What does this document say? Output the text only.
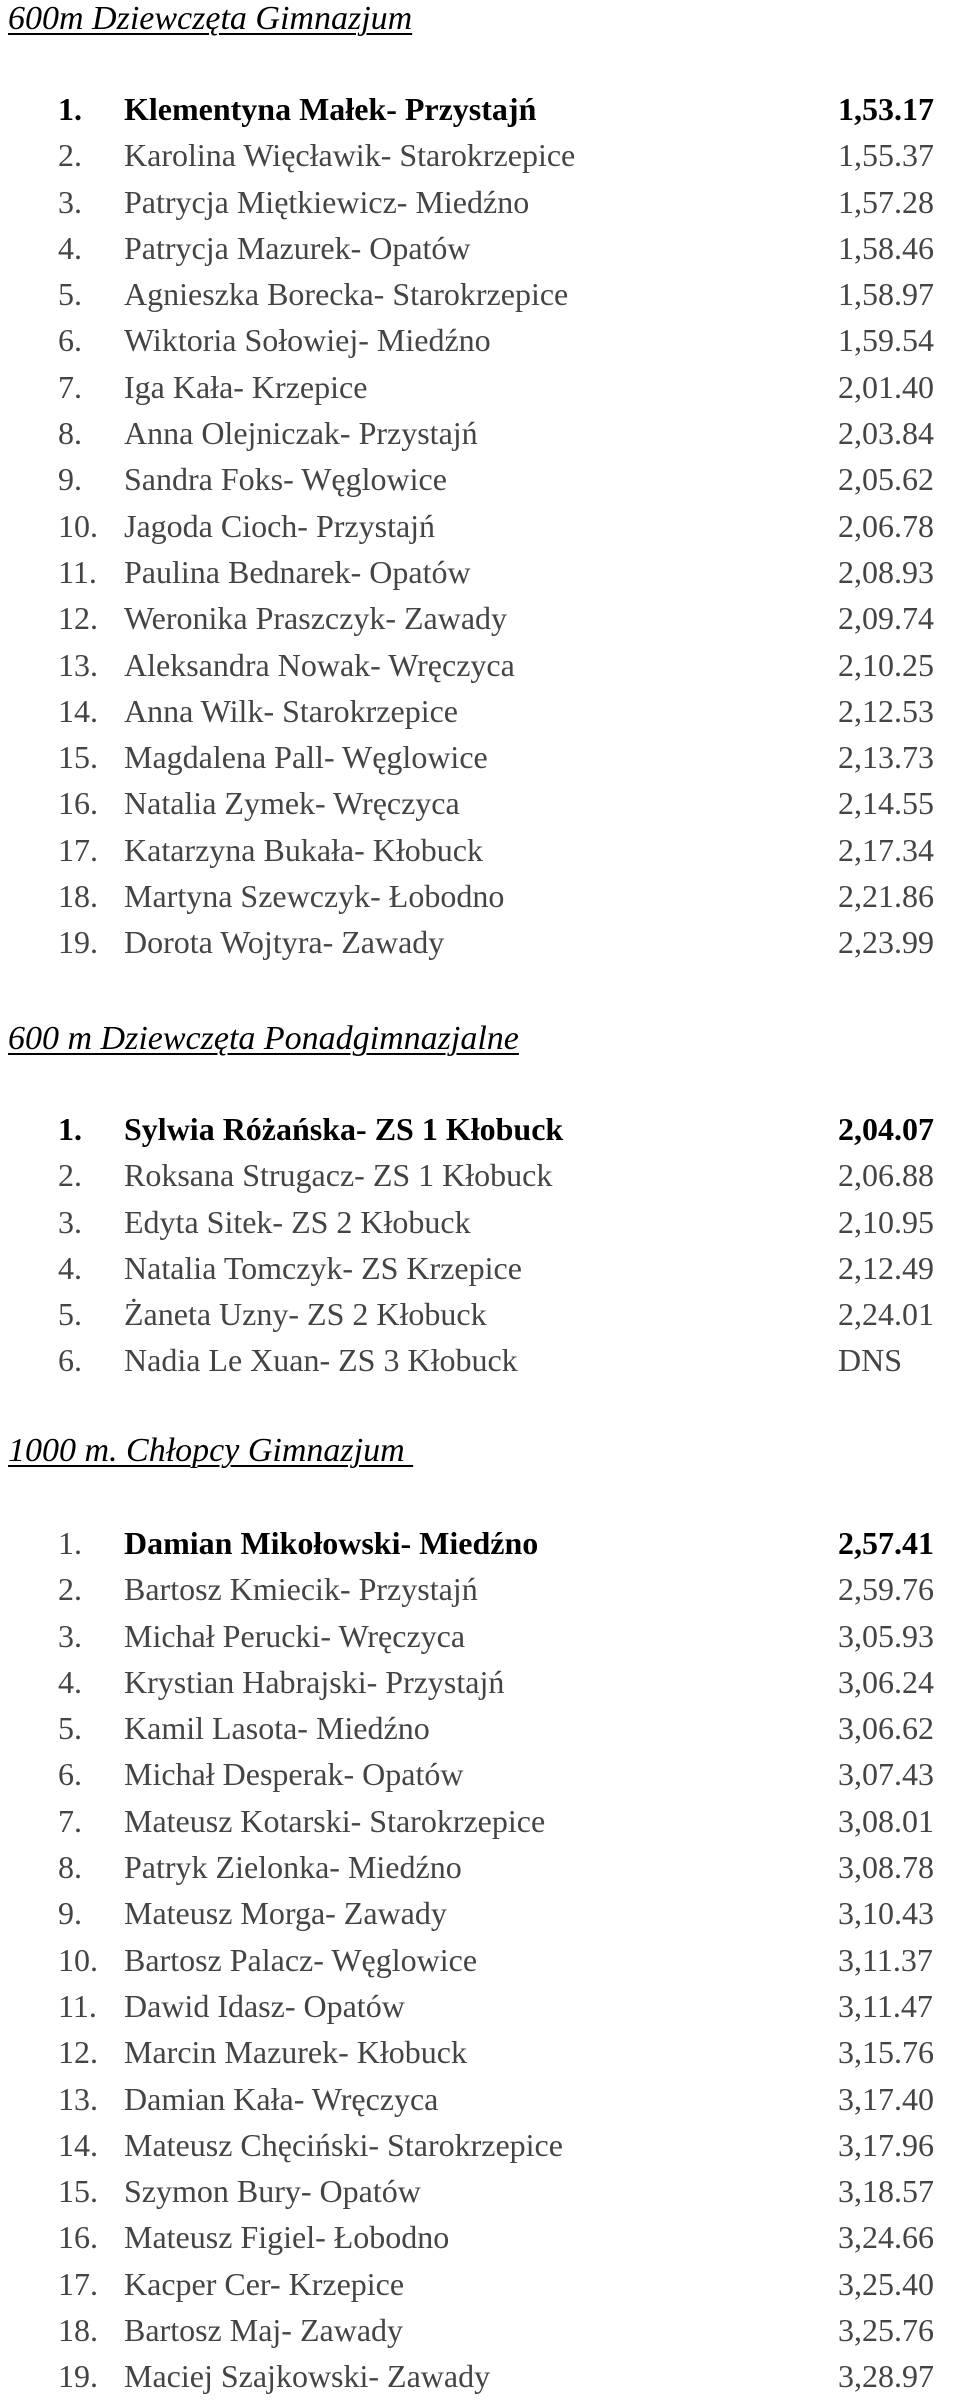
600m Dziewczęta Gimnazjum
1. Klementyna Małek- Przystajń	1,53.17
2. Karolina Więcławik- Starokrzepice	1,55.37
3. Patrycja Miętkiewicz- Miedźno	1,57.28
4. Patrycja Mazurek- Opatów	1,58.46
5. Agnieszka Borecka- Starokrzepice	1,58.97
6. Wiktoria Sołowiej- Miedźno	1,59.54
7. Iga Kała- Krzepice	2,01.40
8. Anna Olejniczak- Przystajń	2,03.84
9. Sandra Foks- Węglowice	2,05.62
10. Jagoda Cioch- Przystajń	2,06.78
11. Paulina Bednarek- Opatów	2,08.93
12. Weronika Praszczyk- Zawady	2,09.74
13. Aleksandra Nowak- Wręczyca	2,10.25
14. Anna Wilk- Starokrzepice	2,12.53
15. Magdalena Pall- Węglowice	2,13.73
16. Natalia Zymek- Wręczyca	2,14.55
17. Katarzyna Bukała- Kłobuck	2,17.34
18. Martyna Szewczyk- Łobodno	2,21.86
19. Dorota Wojtyra- Zawady	2,23.99
600 m Dziewczęta Ponadgimnazjalne
1. Sylwia Różańska- ZS 1 Kłobuck	2,04.07
2. Roksana Strugacz- ZS 1 Kłobuck	2,06.88
3. Edyta Sitek- ZS 2 Kłobuck	2,10.95
4. Natalia Tomczyk- ZS Krzepice	2,12.49
5. Żaneta Uzny- ZS 2 Kłobuck	2,24.01
6. Nadia Le Xuan- ZS 3 Kłobuck	DNS
1000 m. Chłopcy Gimnazjum
1. Damian Mikołowski- Miedźno	2,57.41
2. Bartosz Kmiecik- Przystajń	2,59.76
3. Michał Perucki- Wręczyca	3,05.93
4. Krystian Habrajski- Przystajń	3,06.24
5. Kamil Lasota- Miedźno	3,06.62
6. Michał Desperak- Opatów	3,07.43
7. Mateusz Kotarski- Starokrzepice	3,08.01
8. Patryk Zielonka- Miedźno	3,08.78
9. Mateusz Morga- Zawady	3,10.43
10. Bartosz Palacz- Węglowice	3,11.37
11. Dawid Idasz- Opatów	3,11.47
12. Marcin Mazurek- Kłobuck	3,15.76
13. Damian Kała- Wręczyca	3,17.40
14. Mateusz Chęciński- Starokrzepice	3,17.96
15. Szymon Bury- Opatów	3,18.57
16. Mateusz Figiel- Łobodno	3,24.66
17. Kacper Cer- Krzepice	3,25.40
18. Bartosz Maj- Zawady	3,25.76
19. Maciej Szajkowski- Zawady	3,28.97
